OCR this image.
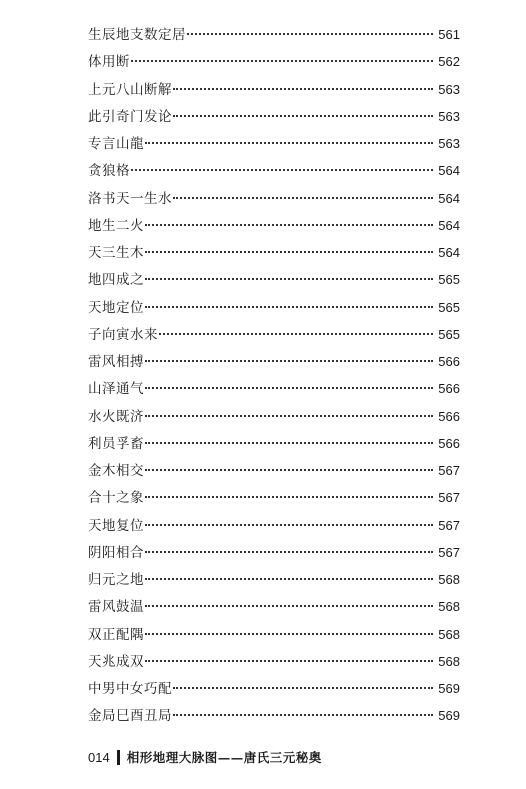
生辰地支数定居	561
体用断	562
上元八山断解	563
此引奇门发论	563
专言山龍	563
贪狼格	564
洛书天一生水	564
地生二火	564
天三生木	564
地四成之	565
天地定位	565
子向寅水来	565
雷风相搏	566
山泽通气	566
水火既济	566
利员孚畜	566
金木相交	567
合十之象	567
天地复位	567
阴阳相合	567
归元之地	568
雷风鼓温	568
双正配隅	568
天兆成双	568
中男中女巧配	569
金局巳酉丑局	569
014 相形地理大脉图——唐氏三元秘奥
